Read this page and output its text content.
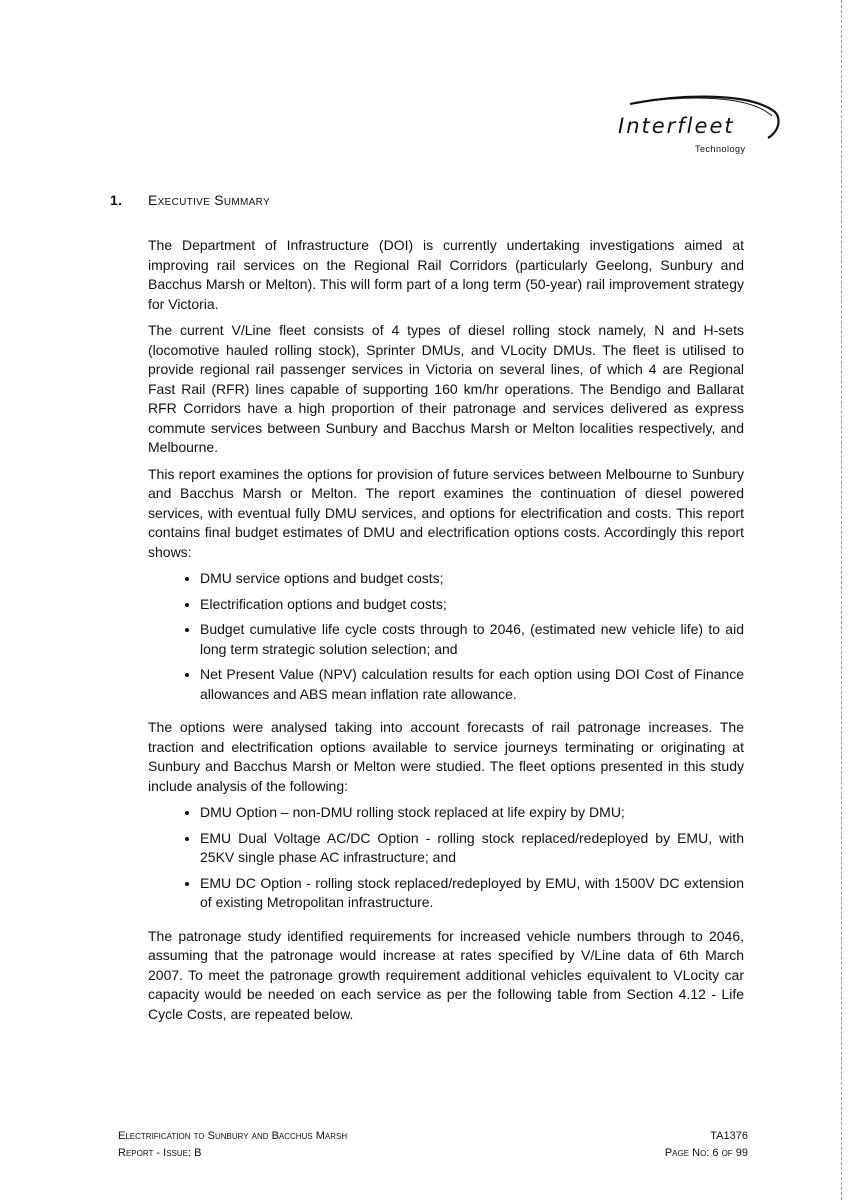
Interfleet
Technology
1. Executive Summary

The Department of Infrastructure (DOI) is currently undertaking investigations aimed at improving rail services on the Regional Rail Corridors (particularly Geelong, Sunbury and Bacchus Marsh or Melton). This will form part of a long term (50-year) rail improvement strategy for Victoria.

The current V/Line fleet consists of 4 types of diesel rolling stock namely, N and H-sets (locomotive hauled rolling stock), Sprinter DMUs, and VLocity DMUs. The fleet is utilised to provide regional rail passenger services in Victoria on several lines, of which 4 are Regional Fast Rail (RFR) lines capable of supporting 160 km/hr operations. The Bendigo and Ballarat RFR Corridors have a high proportion of their patronage and services delivered as express commute services between Sunbury and Bacchus Marsh or Melton localities respectively, and Melbourne.

This report examines the options for provision of future services between Melbourne to Sunbury and Bacchus Marsh or Melton. The report examines the continuation of diesel powered services, with eventual fully DMU services, and options for electrification and costs. This report contains final budget estimates of DMU and electrification options costs. Accordingly this report shows:

• DMU service options and budget costs;
• Electrification options and budget costs;
• Budget cumulative life cycle costs through to 2046, (estimated new vehicle life) to aid long term strategic solution selection; and
• Net Present Value (NPV) calculation results for each option using DOI Cost of Finance allowances and ABS mean inflation rate allowance.

The options were analysed taking into account forecasts of rail patronage increases. The traction and electrification options available to service journeys terminating or originating at Sunbury and Bacchus Marsh or Melton were studied. The fleet options presented in this study include analysis of the following:

• DMU Option – non-DMU rolling stock replaced at life expiry by DMU;
• EMU Dual Voltage AC/DC Option - rolling stock replaced/redeployed by EMU, with 25KV single phase AC infrastructure; and
• EMU DC Option - rolling stock replaced/redeployed by EMU, with 1500V DC extension of existing Metropolitan infrastructure.

The patronage study identified requirements for increased vehicle numbers through to 2046, assuming that the patronage would increase at rates specified by V/Line data of 6th March 2007. To meet the patronage growth requirement additional vehicles equivalent to VLocity car capacity would be needed on each service as per the following table from Section 4.12 - Life Cycle Costs, are repeated below.

Electrification to Sunbury and Bacchus Marsh
Report - Issue: B
TA1376
Page No: 6 of 99
